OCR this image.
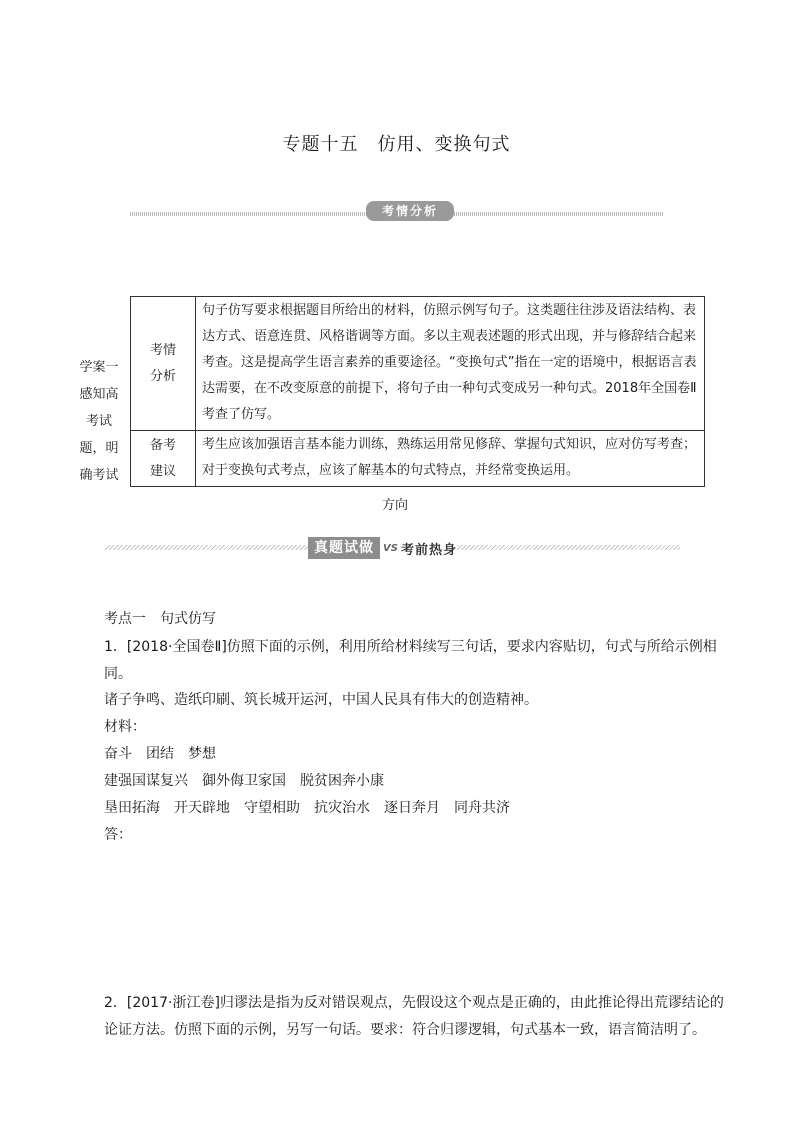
专题十五　仿用、变换句式
考情分析
学案一
感知高
考试
题，明
确考试
考情
分析	句子仿写要求根据题目所给出的材料，仿照示例写句子。这类题往往涉及语法结构、表达方式、语意连贯、风格谐调等方面。多以主观表述题的形式出现，并与修辞结合起来考查。这是提高学生语言素养的重要途径。“变换句式”指在一定的语境中，根据语言表达需要，在不改变原意的前提下，将句子由一种句式变成另一种句式。2018年全国卷Ⅱ考查了仿写。

备考
建议	考生应该加强语言基本能力训练，熟练运用常见修辞、掌握句式知识，应对仿写考查；对于变换句式考点，应该了解基本的句式特点，并经常变换运用。
方向
真题试做 VS 考前热身
考点一　句式仿写
1．[2018·全国卷Ⅱ]仿照下面的示例，利用所给材料续写三句话，要求内容贴切，句式与所给示例相同。
诸子争鸣、造纸印刷、筑长城开运河，中国人民具有伟大的创造精神。
材料：
奋斗　团结　梦想
建强国谋复兴　御外侮卫家国　脱贫困奔小康
垦田拓海　开天辟地　守望相助　抗灾治水　逐日奔月　同舟共济
答：
2．[2017·浙江卷]归谬法是指为反对错误观点，先假设这个观点是正确的，由此推论得出荒谬结论的论证方法。仿照下面的示例，另写一句话。要求：符合归谬逻辑，句式基本一致，语言简洁明了。
